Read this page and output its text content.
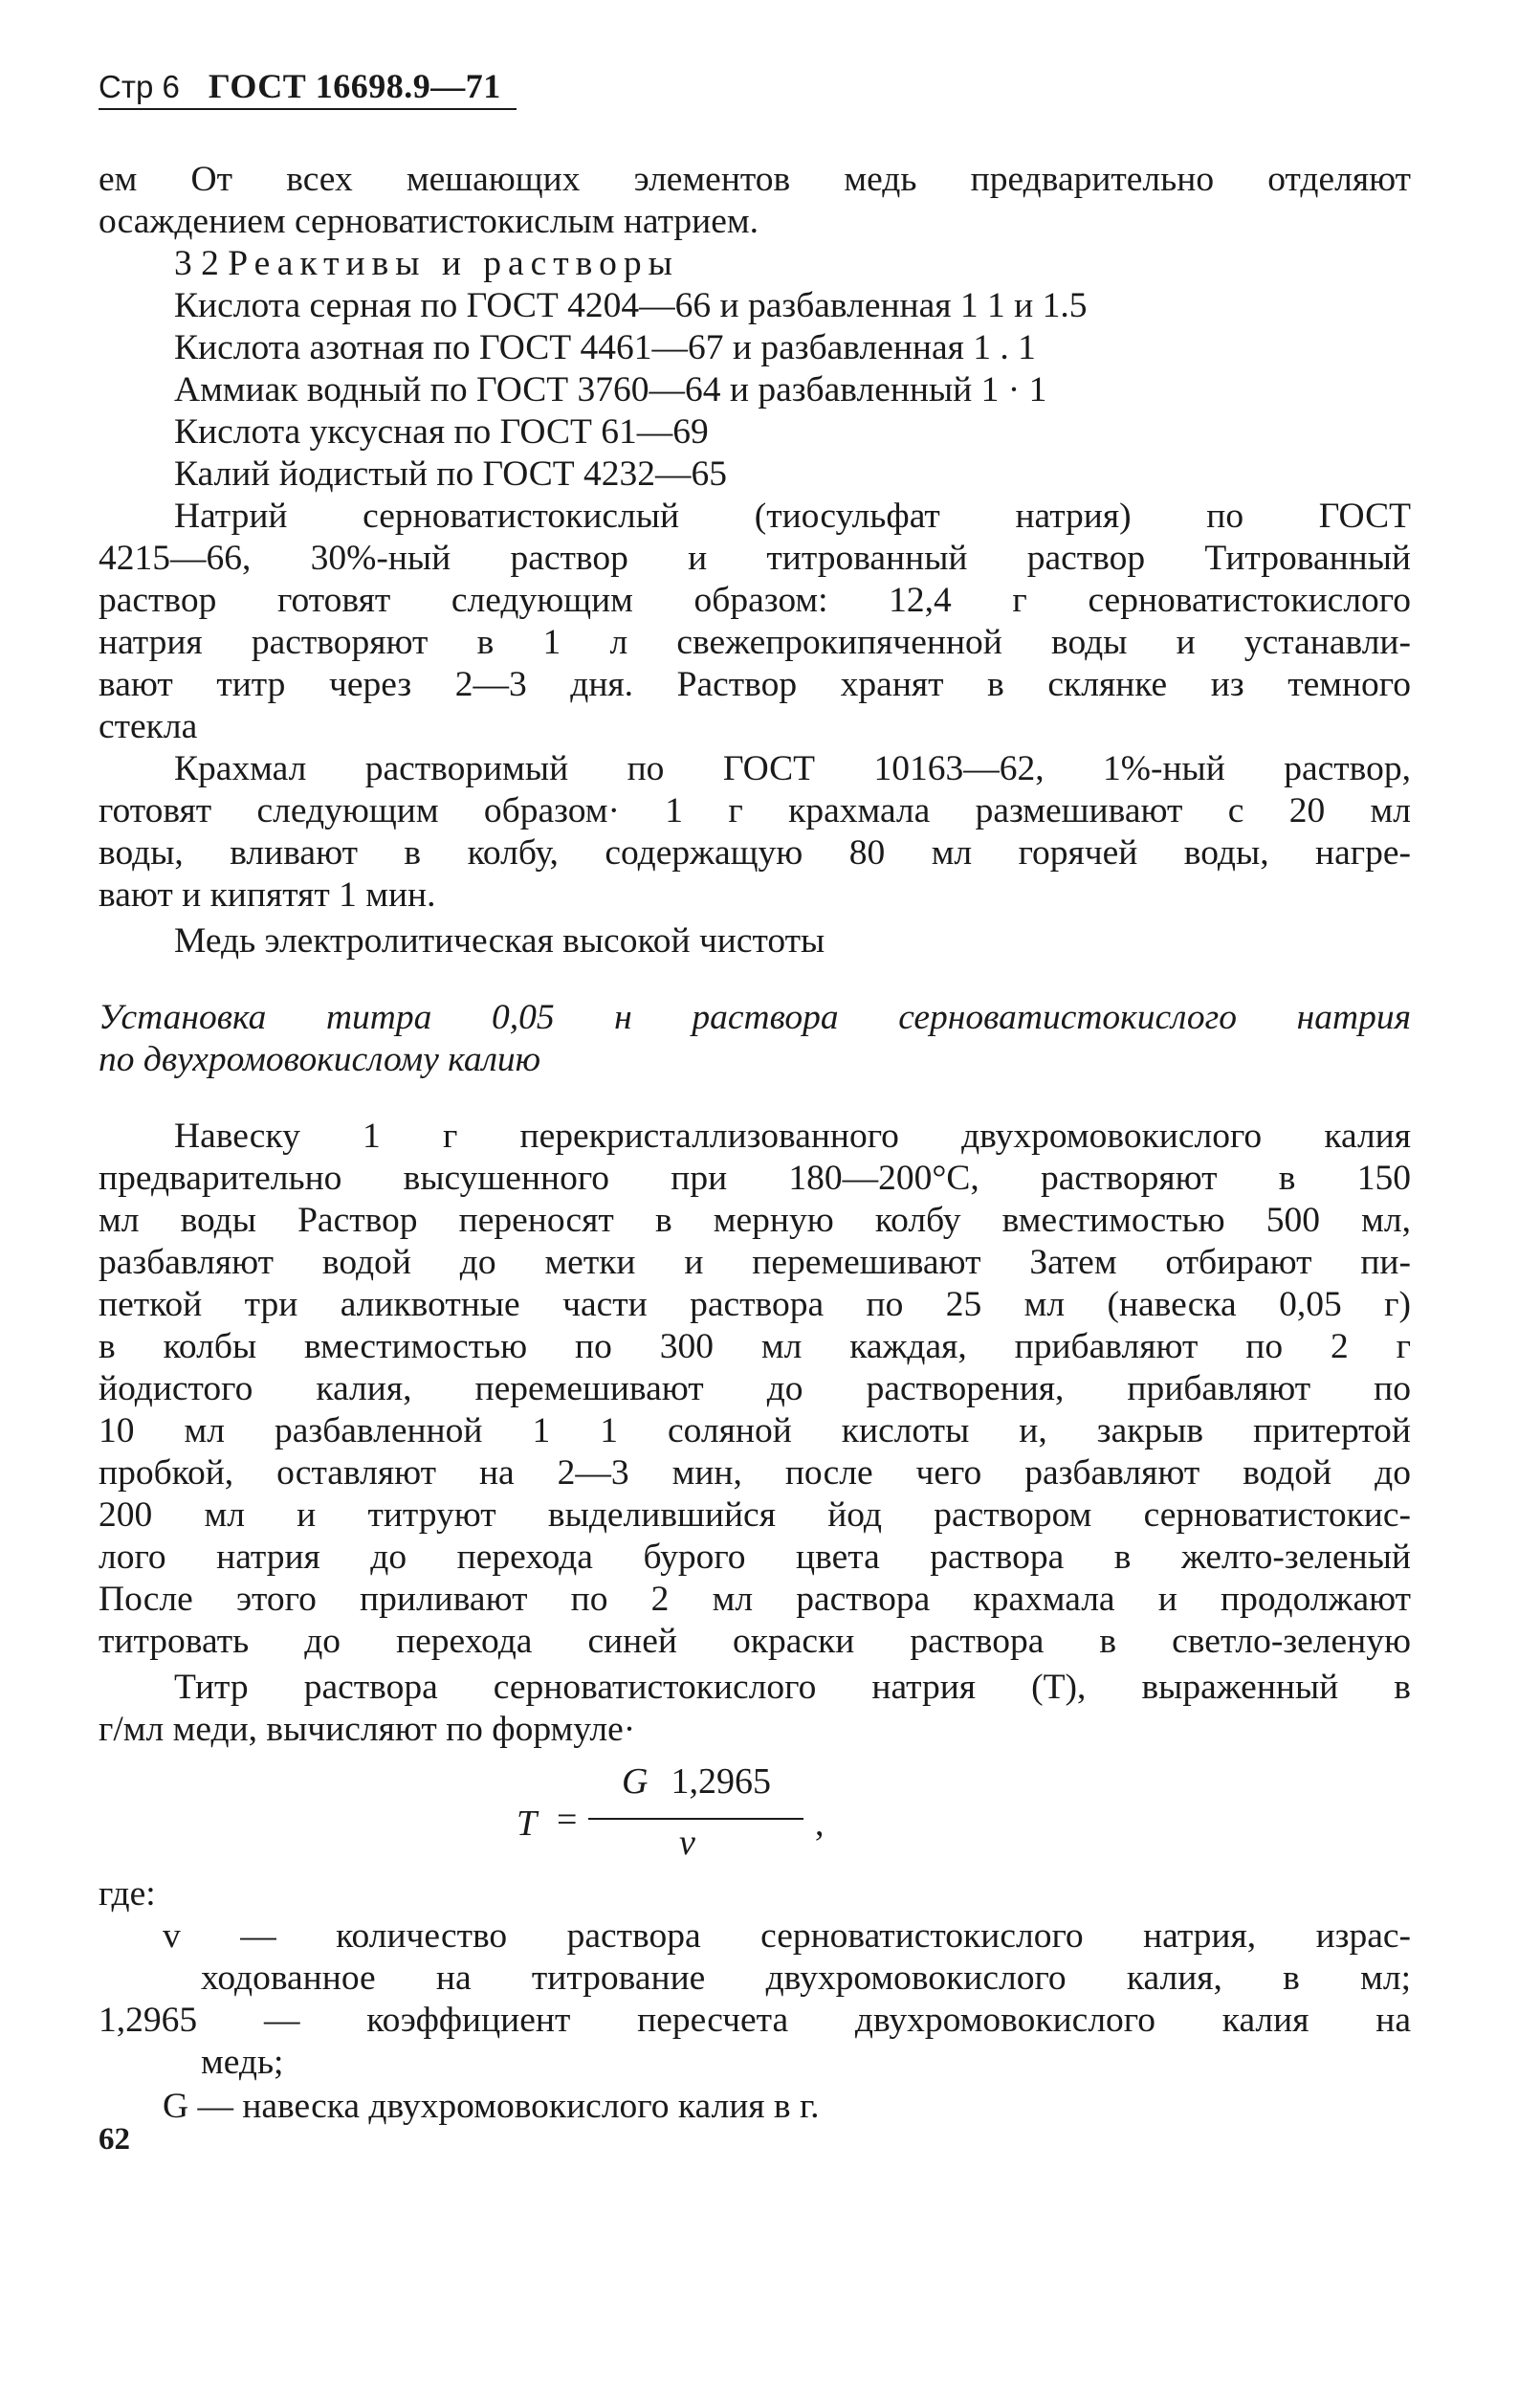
Стр 6 ГОСТ 16698.9—71
ем От всех мешающих элементов медь предварительно отделяют
осаждением серноватистокислым натрием.
3 2 Реактивы и растворы
Кислота серная по ГОСТ 4204—66 и разбавленная 1 1 и 1.5
Кислота азотная по ГОСТ 4461—67 и разбавленная 1 . 1
Аммиак водный по ГОСТ 3760—64 и разбавленный 1 · 1
Кислота уксусная по ГОСТ 61—69
Калий йодистый по ГОСТ 4232—65
Натрий серноватистокислый (тиосульфат натрия) по ГОСТ
4215—66, 30%-ный раствор и титрованный раствор Титрованный
раствор готовят следующим образом: 12,4 г серноватистокислого
натрия растворяют в 1 л свежепрокипяченной воды и устанавли-
вают титр через 2—3 дня. Раствор хранят в склянке из темного
стекла
Крахмал растворимый по ГОСТ 10163—62, 1%-ный раствор,
готовят следующим образом· 1 г крахмала размешивают с 20 мл
воды, вливают в колбу, содержащую 80 мл горячей воды, нагре-
вают и кипятят 1 мин.
Медь электролитическая высокой чистоты
Установка титра 0,05 н раствора серноватистокислого натрия
по двухромовокислому калию
Навеску 1 г перекристаллизованного двухромовокислого калия
предварительно высушенного при 180—200°С, растворяют в 150
мл воды Раствор переносят в мерную колбу вместимостью 500 мл,
разбавляют водой до метки и перемешивают Затем отбирают пи-
петкой три аликвотные части раствора по 25 мл (навеска 0,05 г)
в колбы вместимостью по 300 мл каждая, прибавляют по 2 г
йодистого калия, перемешивают до растворения, прибавляют по
10 мл разбавленной 1 1 соляной кислоты и, закрыв притертой
пробкой, оставляют на 2—3 мин, после чего разбавляют водой до
200 мл и титруют выделившийся йод раствором серноватистокис-
лого натрия до перехода бурого цвета раствора в желто-зеленый
После этого приливают по 2 мл раствора крахмала и продолжают
титровать до перехода синей окраски раствора в светло-зеленую
Титр раствора серноватистокислого натрия (Т), выраженный в
г/мл меди, вычисляют по формуле·
T =
G 1,2965
v	,
где:
v — количество раствора серноватистокислого натрия, израс-
ходованное на титрование двухромовокислого калия, в мл;
1,2965 — коэффициент пересчета двухромовокислого калия на
медь;
G — навеска двухромовокислого калия в г.
62
